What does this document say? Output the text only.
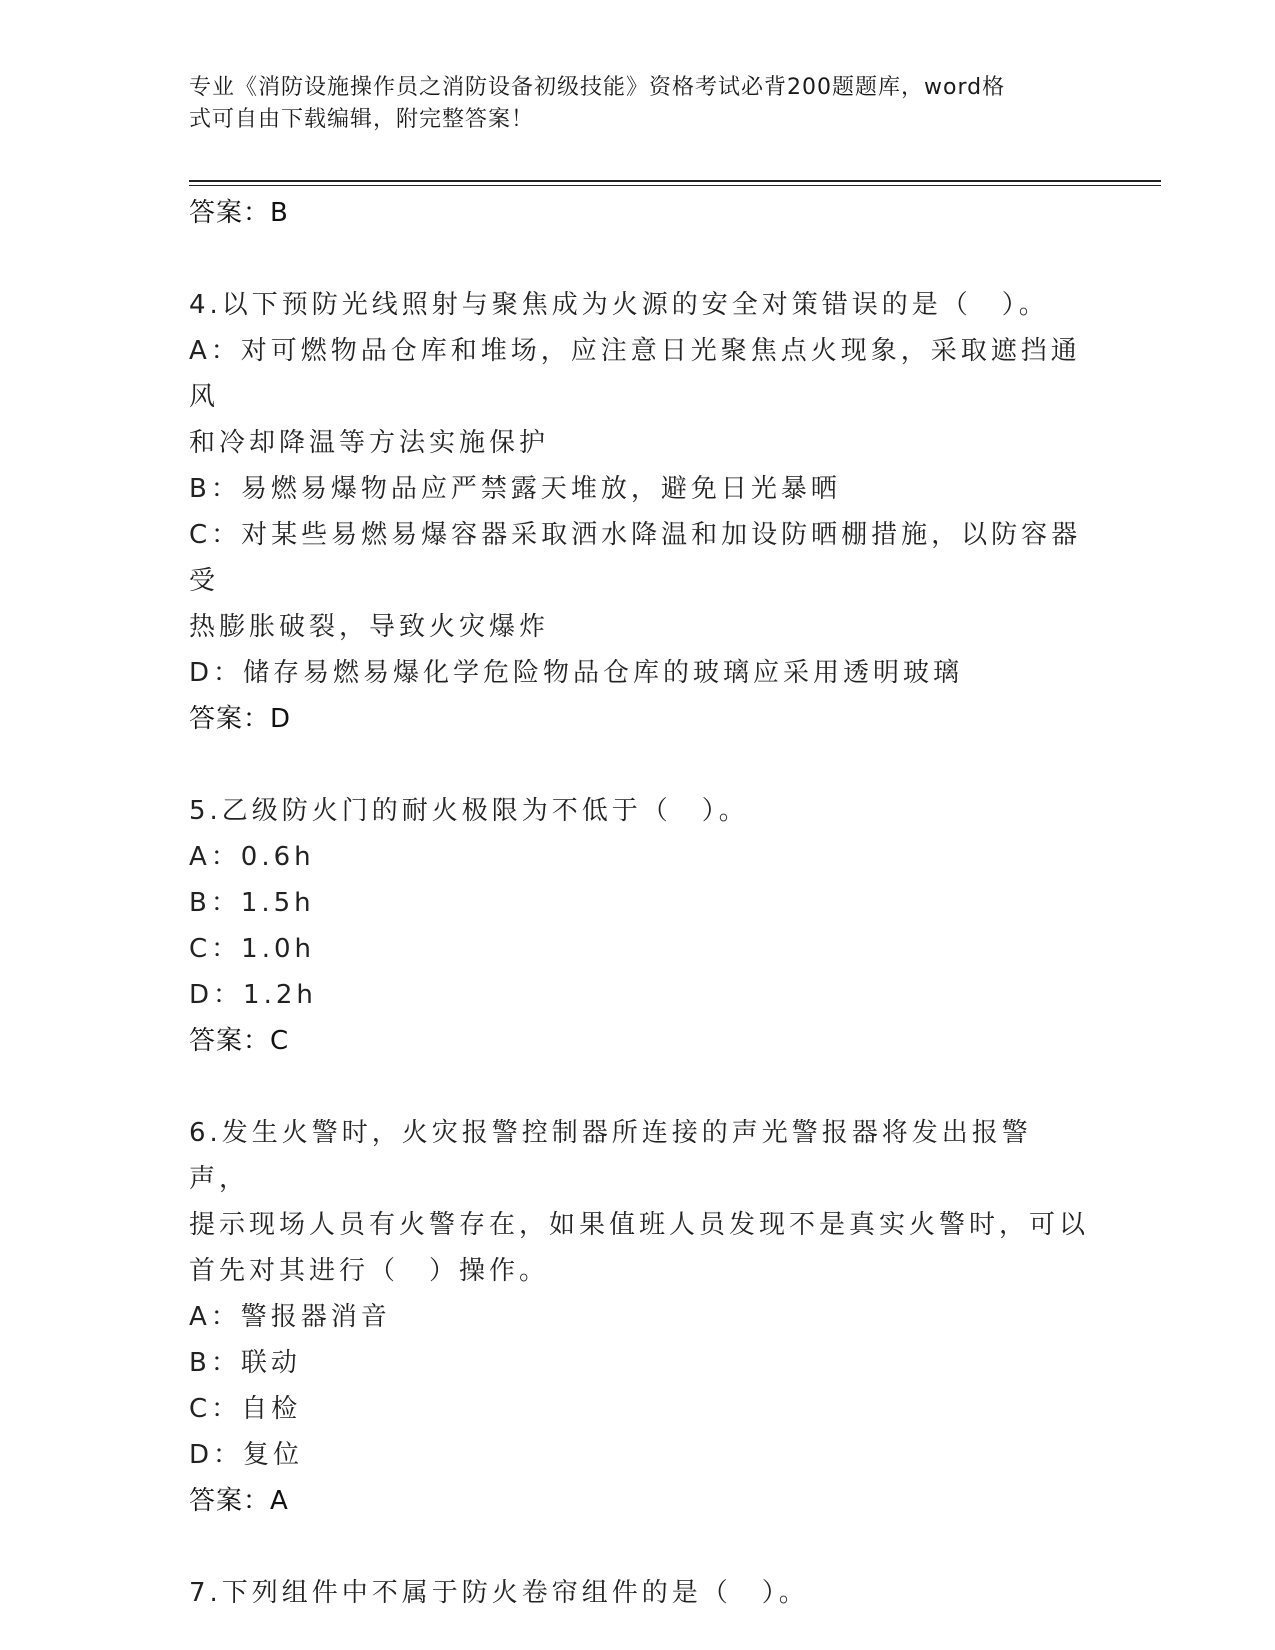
专业《消防设施操作员之消防设备初级技能》资格考试必背200题题库，word格
式可自由下载编辑，附完整答案！

答案：B

4.以下预防光线照射与聚焦成为火源的安全对策错误的是（　）。

A：对可燃物品仓库和堆场，应注意日光聚焦点火现象，采取遮挡通风

和冷却降温等方法实施保护

B：易燃易爆物品应严禁露天堆放，避免日光暴晒

C：对某些易燃易爆容器采取洒水降温和加设防晒棚措施，以防容器受

热膨胀破裂，导致火灾爆炸

D：储存易燃易爆化学危险物品仓库的玻璃应采用透明玻璃

答案：D

5.乙级防火门的耐火极限为不低于（　）。

A：0.6h

B：1.5h

C：1.0h

D：1.2h

答案：C

6.发生火警时，火灾报警控制器所连接的声光警报器将发出报警声，

提示现场人员有火警存在，如果值班人员发现不是真实火警时，可以

首先对其进行（　）操作。

A：警报器消音

B：联动

C：自检

D：复位

答案：A

7.下列组件中不属于防火卷帘组件的是（　）。
